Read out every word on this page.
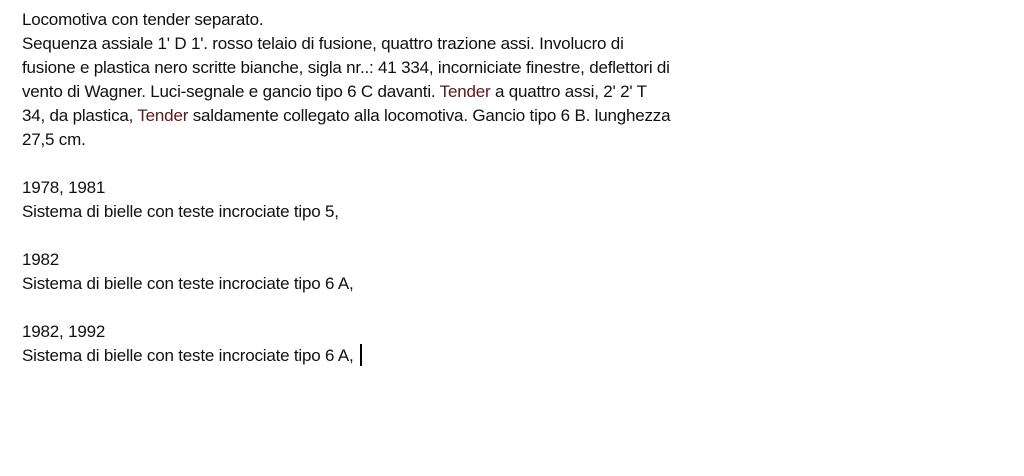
Locomotiva con tender separato.
Sequenza assiale 1' D 1'. rosso telaio di fusione, quattro trazione assi. Involucro di
fusione e plastica nero scritte bianche, sigla nr..: 41 334, incorniciate finestre, deflettori di
vento di Wagner. Luci-segnale e gancio tipo 6 C davanti. Tender a quattro assi, 2' 2' T
34, da plastica, Tender saldamente collegato alla locomotiva. Gancio tipo 6 B. lunghezza
27,5 cm.
1978, 1981
Sistema di bielle con teste incrociate tipo 5,
1982
Sistema di bielle con teste incrociate tipo 6 A,
1982, 1992
Sistema di bielle con teste incrociate tipo 6 A,
